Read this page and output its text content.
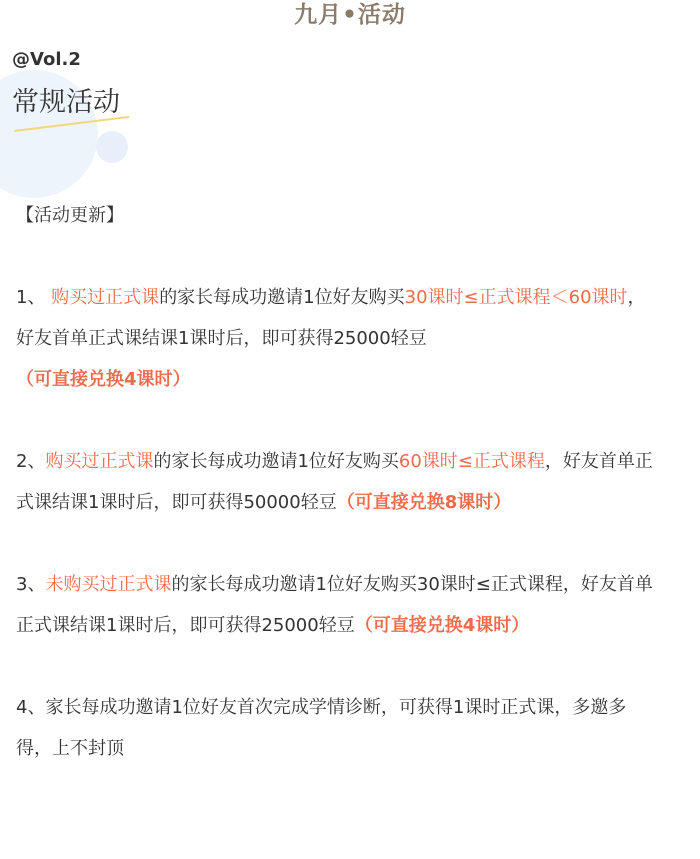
九月•活动
@Vol.2
常规活动

【活动更新】

1、 购买过正式课的家长每成功邀请1位好友购买30课时≤正式课程＜60课时，好友首单正式课结课1课时后，即可获得25000轻豆
（可直接兑换4课时）

2、购买过正式课的家长每成功邀请1位好友购买60课时≤正式课程，好友首单正式课结课1课时后，即可获得50000轻豆（可直接兑换8课时）

3、未购买过正式课的家长每成功邀请1位好友购买30课时≤正式课程，好友首单正式课结课1课时后，即可获得25000轻豆（可直接兑换4课时）

4、家长每成功邀请1位好友首次完成学情诊断，可获得1课时正式课，多邀多得，上不封顶
